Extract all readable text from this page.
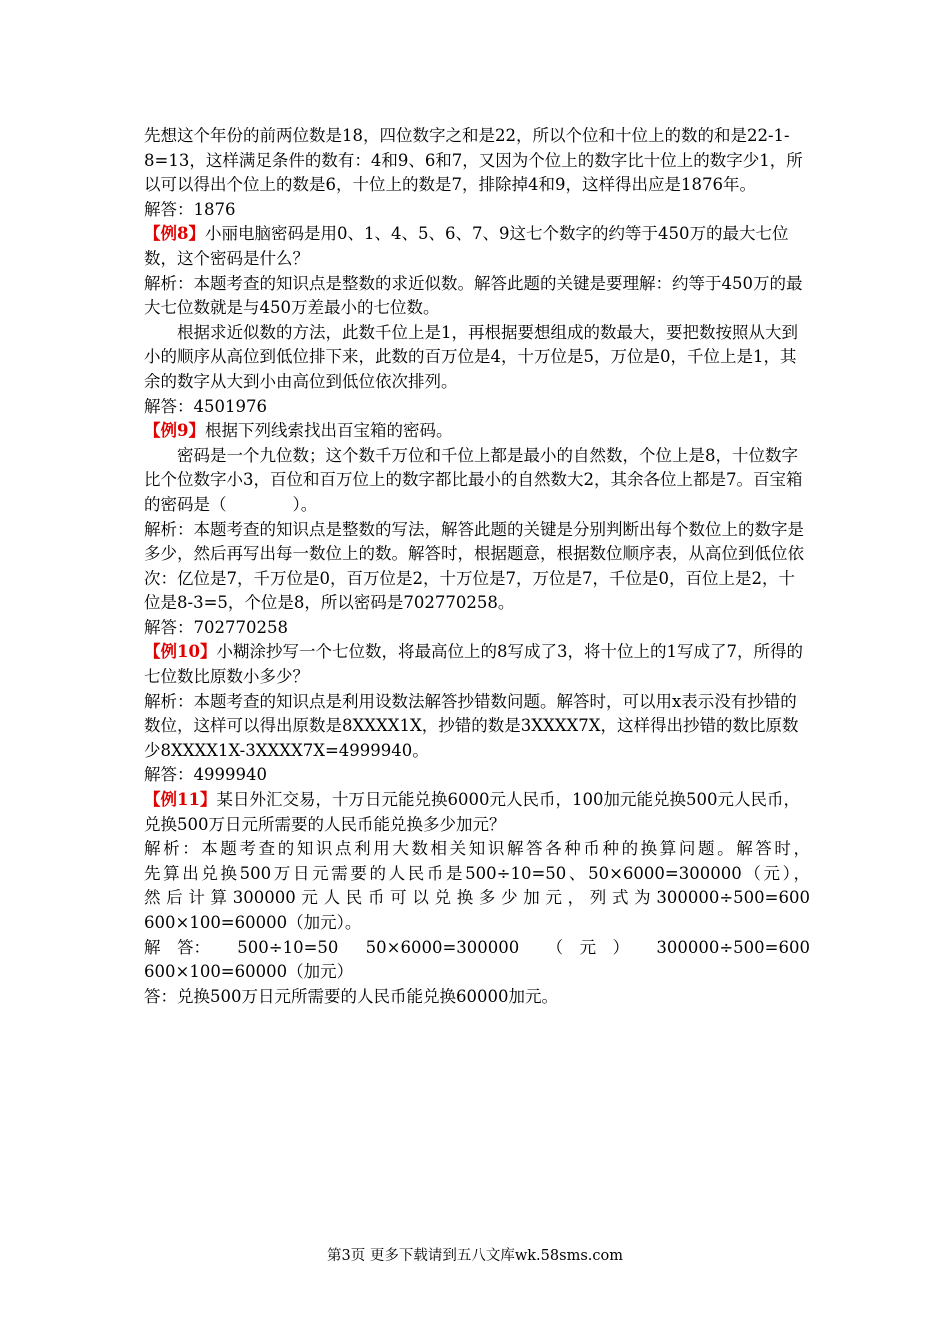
先想这个年份的前两位数是18，四位数字之和是22，所以个位和十位上的数的和是22-1-8=13，这样满足条件的数有：4和9、6和7，又因为个位上的数字比十位上的数字少1，所以可以得出个位上的数是6，十位上的数是7，排除掉4和9，这样得出应是1876年。

解答：1876

【例8】小丽电脑密码是用0、1、4、5、6、7、9这七个数字的约等于450万的最大七位数，这个密码是什么？

解析：本题考查的知识点是整数的求近似数。解答此题的关键是要理解：约等于450万的最大七位数就是与450万差最小的七位数。

根据求近似数的方法，此数千位上是1，再根据要想组成的数最大，要把数按照从大到小的顺序从高位到低位排下来，此数的百万位是4，十万位是5，万位是0，千位上是1，其余的数字从大到小由高位到低位依次排列。

解答：4501976

【例9】根据下列线索找出百宝箱的密码。

密码是一个九位数；这个数千万位和千位上都是最小的自然数，个位上是8，十位数字比个位数字小3，百位和百万位上的数字都比最小的自然数大2，其余各位上都是7。百宝箱的密码是（　　　　）。

解析：本题考查的知识点是整数的写法，解答此题的关键是分别判断出每个数位上的数字是多少，然后再写出每一数位上的数。解答时，根据题意，根据数位顺序表，从高位到低位依次：亿位是7，千万位是0，百万位是2，十万位是7，万位是7，千位是0，百位上是2，十位是8-3=5，个位是8，所以密码是702770258。

解答：702770258

【例10】小糊涂抄写一个七位数，将最高位上的8写成了3，将十位上的1写成了7，所得的七位数比原数小多少？

解析：本题考查的知识点是利用设数法解答抄错数问题。解答时，可以用x表示没有抄错的数位，这样可以得出原数是8XXXX1X，抄错的数是3XXXX7X，这样得出抄错的数比原数少8XXXX1X-3XXXX7X=4999940。

解答：4999940

【例11】某日外汇交易，十万日元能兑换6000元人民币，100加元能兑换500元人民币，兑换500万日元所需要的人民币能兑换多少加元？

解析：本题考查的知识点利用大数相关知识解答各种币种的换算问题。解答时，

先算出兑换500万日元需要的人民币是500÷10=50、50×6000=300000（元），

然后计算300000元人民币可以兑换多少加元，列式为300000÷500=600

600×100=60000（加元）。

解　答： 500÷10=50 50×6000=300000 （　元　） 300000÷500=600

600×100=60000（加元）

答：兑换500万日元所需要的人民币能兑换60000加元。

第3页 更多下载请到五八文库wk.58sms.com
